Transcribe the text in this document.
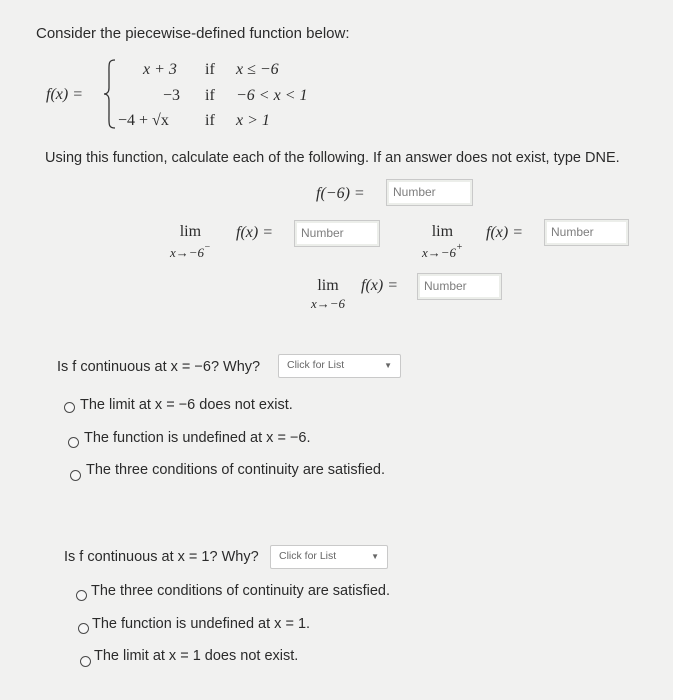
Consider the piecewise-defined function below:
f(x) =
x + 3 if x ≤ −6
−3 if −6 < x < 1
−4 + √x if x > 1
Using this function, calculate each of the following. If an answer does not exist, type DNE.
f(−6) =	Number
lim
x→−6−
f(x) =	Number	lim
x→−6+
f(x) =	Number
lim
x→−6
f(x) =	Number
Is f continuous at x = −6? Why?	Click for List	▼
The limit at x = −6 does not exist.
The function is undefined at x = −6.
The three conditions of continuity are satisfied.
Is f continuous at x = 1? Why?	Click for List	▼
The three conditions of continuity are satisfied.
The function is undefined at x = 1.
The limit at x = 1 does not exist.
